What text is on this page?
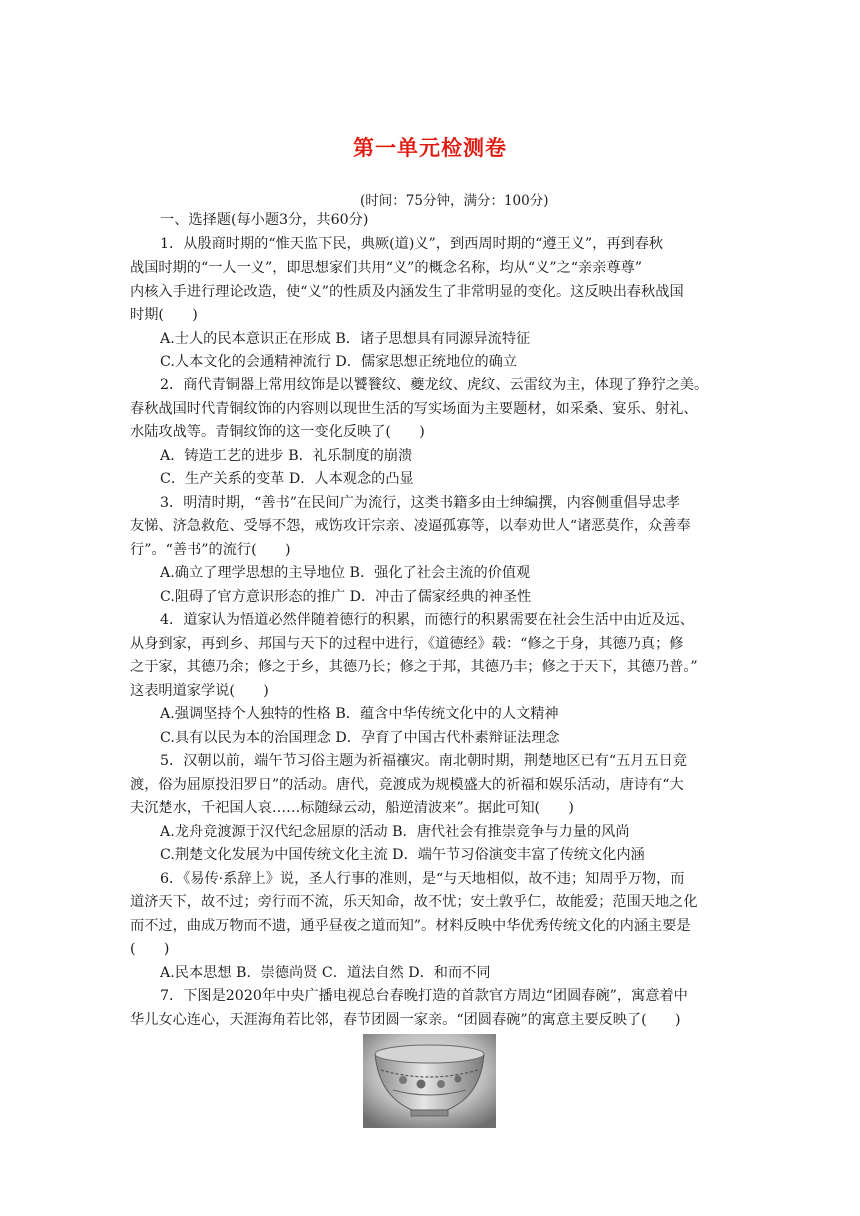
第一单元检测卷
(时间：75分钟，满分：100分)
一、选择题(每小题3分，共60分)
1．从殷商时期的“惟天监下民，典厥(道)义”，到西周时期的“遵王义”，再到春秋
战国时期的“一人一义”，即思想家们共用“义”的概念名称，均从“义”之“亲亲尊尊”
内核入手进行理论改造，使“义”的性质及内涵发生了非常明显的变化。这反映出春秋战国
时期(　　)
A.士人的民本意识正在形成 B．诸子思想具有同源异流特征
C.人本文化的会通精神流行 D．儒家思想正统地位的确立
2．商代青铜器上常用纹饰是以饕餮纹、夔龙纹、虎纹、云雷纹为主，体现了狰狞之美。
春秋战国时代青铜纹饰的内容则以现世生活的写实场面为主要题材，如采桑、宴乐、射礼、
水陆攻战等。青铜纹饰的这一变化反映了(　　)
A．铸造工艺的进步 B．礼乐制度的崩溃
C．生产关系的变革 D．人本观念的凸显
3．明清时期，“善书”在民间广为流行，这类书籍多由士绅编撰，内容侧重倡导忠孝
友悌、济急救危、受辱不怨，戒饬攻讦宗亲、凌逼孤寡等，以奉劝世人“诸恶莫作，众善奉
行”。“善书”的流行(　　)
A.确立了理学思想的主导地位 B．强化了社会主流的价值观
C.阻碍了官方意识形态的推广 D．冲击了儒家经典的神圣性
4．道家认为悟道必然伴随着德行的积累，而德行的积累需要在社会生活中由近及远、
从身到家，再到乡、邦国与天下的过程中进行，《道德经》载：“修之于身，其德乃真；修
之于家，其德乃余；修之于乡，其德乃长；修之于邦，其德乃丰；修之于天下，其德乃普。”
这表明道家学说(　　)
A.强调坚持个人独特的性格 B．蕴含中华传统文化中的人文精神
C.具有以民为本的治国理念 D．孕育了中国古代朴素辩证法理念
5．汉朝以前，端午节习俗主题为祈福禳灾。南北朝时期，荆楚地区已有“五月五日竞
渡，俗为屈原投汨罗日”的活动。唐代，竞渡成为规模盛大的祈福和娱乐活动，唐诗有“大
夫沉楚水，千祀国人哀……标随绿云动，船逆清波来”。据此可知(　　)
A.龙舟竞渡源于汉代纪念屈原的活动 B．唐代社会有推崇竞争与力量的风尚
C.荆楚文化发展为中国传统文化主流 D．端午节习俗演变丰富了传统文化内涵
6．《易传·系辞上》说，圣人行事的准则，是“与天地相似，故不违；知周乎万物，而
道济天下，故不过；旁行而不流，乐天知命，故不忧；安土敦乎仁，故能爱；范围天地之化
而不过，曲成万物而不遗，通乎昼夜之道而知”。材料反映中华优秀传统文化的内涵主要是
(　　)
A.民本思想 B．崇德尚贤 C．道法自然 D．和而不同
7．下图是2020年中央广播电视总台春晚打造的首款官方周边“团圆春碗”，寓意着中
华儿女心连心，天涯海角若比邻，春节团圆一家亲。“团圆春碗”的寓意主要反映了(　　)
